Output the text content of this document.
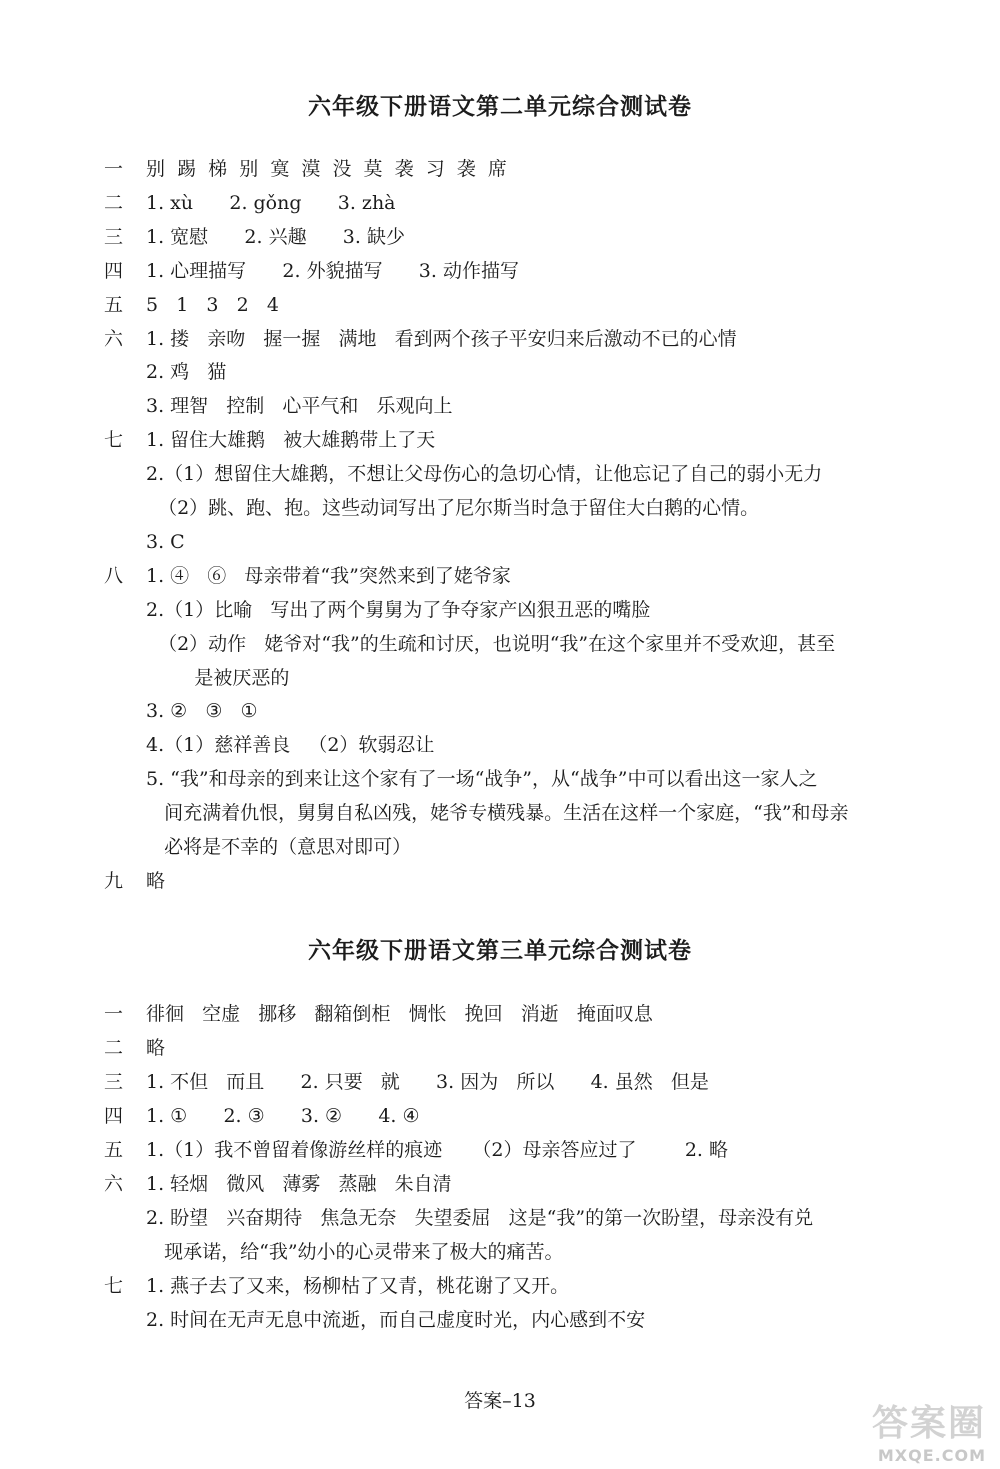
六年级下册语文第二单元综合测试卷
一 别  踢  梯  别  寞  漠  没  莫  袭  习  袭  席
二 1. xù      2. gǒng      3. zhà
三 1. 宽慰      2. 兴趣      3. 缺少
四 1. 心理描写      2. 外貌描写      3. 动作描写
五 5   1   3   2   4
六 1. 搂   亲吻   握一握   满地   看到两个孩子平安归来后激动不已的心情
2. 鸡   猫
3. 理智   控制   心平气和   乐观向上
七 1. 留住大雄鹅   被大雄鹅带上了天
2.（1）想留住大雄鹅，不想让父母伤心的急切心情，让他忘记了自己的弱小无力
（2）跳、跑、抱。这些动词写出了尼尔斯当时急于留住大白鹅的心情。
3. C
八 1. ④   ⑥   母亲带着“我”突然来到了姥爷家
2.（1）比喻   写出了两个舅舅为了争夺家产凶狠丑恶的嘴脸
（2）动作   姥爷对“我”的生疏和讨厌，也说明“我”在这个家里并不受欢迎，甚至
是被厌恶的
3. ②   ③   ①
4.（1）慈祥善良   （2）软弱忍让
5. “我”和母亲的到来让这个家有了一场“战争”，从“战争”中可以看出这一家人之
间充满着仇恨，舅舅自私凶残，姥爷专横残暴。生活在这样一个家庭，“我”和母亲
必将是不幸的（意思对即可）
九 略
六年级下册语文第三单元综合测试卷
一 徘徊   空虚   挪移   翻箱倒柜   惆怅   挽回   消逝   掩面叹息
二 略
三 1. 不但   而且      2. 只要   就      3. 因为   所以      4. 虽然   但是
四 1. ①      2. ③      3. ②      4. ④
五 1.（1）我不曾留着像游丝样的痕迹     （2）母亲答应过了        2. 略
六 1. 轻烟   微风   薄雾   蒸融   朱自清
2. 盼望   兴奋期待   焦急无奈   失望委屈   这是“我”的第一次盼望，母亲没有兑
现承诺，给“我”幼小的心灵带来了极大的痛苦。
七 1. 燕子去了又来，杨柳枯了又青，桃花谢了又开。
2. 时间在无声无息中流逝，而自己虚度时光，内心感到不安
答案–13
答案圈
MXQE.COM
